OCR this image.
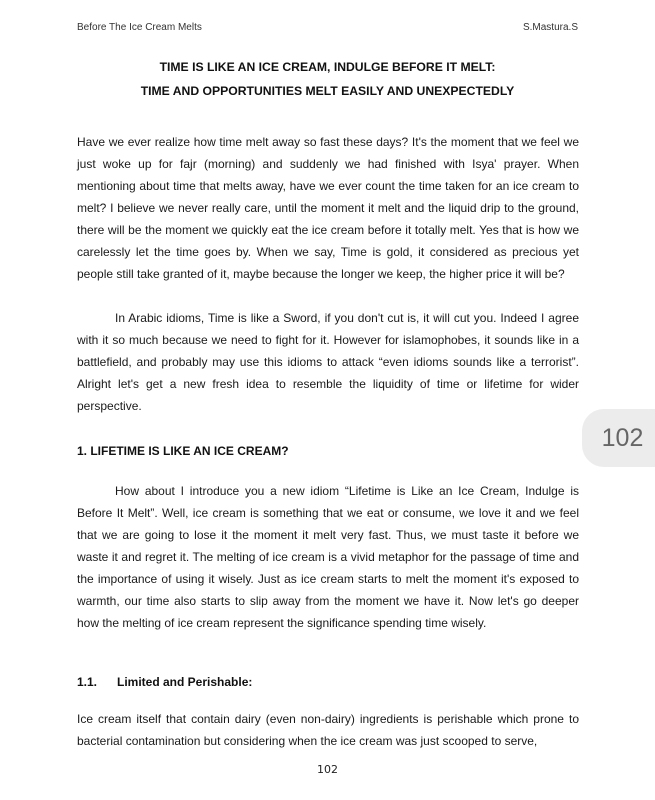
Before The Ice Cream Melts	S.Mastura.S
TIME IS LIKE AN ICE CREAM, INDULGE BEFORE IT MELT:
TIME AND OPPORTUNITIES MELT EASILY AND UNEXPECTEDLY

Have we ever realize how time melt away so fast these days? It's the moment that we feel we just woke up for fajr (morning) and suddenly we had finished with Isya' prayer. When mentioning about time that melts away, have we ever count the time taken for an ice cream to melt? I believe we never really care, until the moment it melt and the liquid drip to the ground, there will be the moment we quickly eat the ice cream before it totally melt. Yes that is how we carelessly let the time goes by. When we say, Time is gold, it considered as precious yet people still take granted of it, maybe because the longer we keep, the higher price it will be?

In Arabic idioms, Time is like a Sword, if you don't cut is, it will cut you. Indeed I agree with it so much because we need to fight for it. However for islamophobes, it sounds like in a battlefield, and probably may use this idioms to attack “even idioms sounds like a terrorist”. Alright let's get a new fresh idea to resemble the liquidity of time or lifetime for wider perspective.

102
1. LIFETIME IS LIKE AN ICE CREAM?

How about I introduce you a new idiom “Lifetime is Like an Ice Cream, Indulge is Before It Melt”. Well, ice cream is something that we eat or consume, we love it and we feel that we are going to lose it the moment it melt very fast. Thus, we must taste it before we waste it and regret it. The melting of ice cream is a vivid metaphor for the passage of time and the importance of using it wisely. Just as ice cream starts to melt the moment it's exposed to warmth, our time also starts to slip away from the moment we have it. Now let's go deeper how the melting of ice cream represent the significance spending time wisely.

1.1. Limited and Perishable:

Ice cream itself that contain dairy (even non-dairy) ingredients is perishable which prone to bacterial contamination but considering when the ice cream was just scooped to serve,

102
